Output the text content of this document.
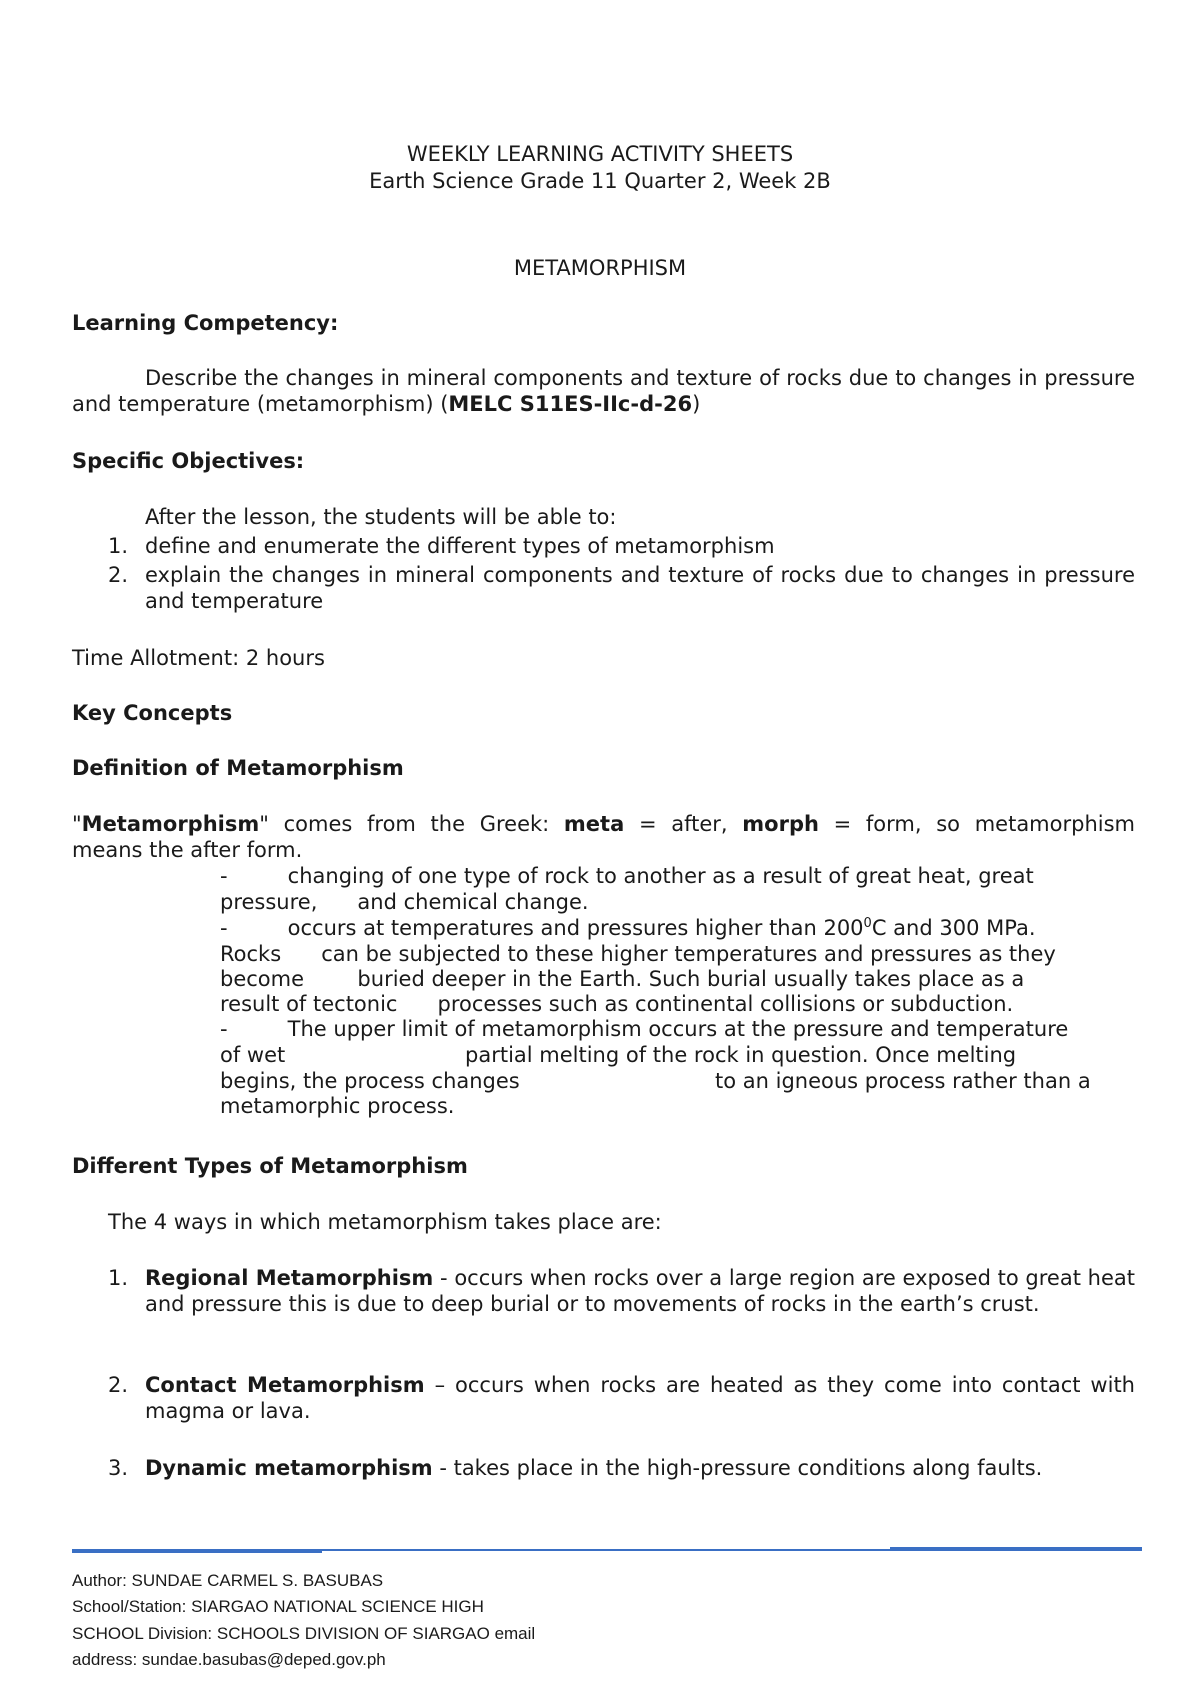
WEEKLY LEARNING ACTIVITY SHEETS
Earth Science Grade 11 Quarter 2, Week 2B
METAMORPHISM
Learning Competency:
Describe the changes in mineral components and texture of rocks due to changes in pressure and temperature (metamorphism) (MELC S11ES-IIc-d-26)
Specific Objectives:
After the lesson, the students will be able to:
1. define and enumerate the different types of metamorphism
2. explain the changes in mineral components and texture of rocks due to changes in pressure and temperature
Time Allotment: 2 hours
Key Concepts
Definition of Metamorphism
"Metamorphism" comes from the Greek: meta = after, morph = form, so metamorphism
means the after form.
-         changing of one type of rock to another as a result of great heat, great
pressure,      and chemical change.
-         occurs at temperatures and pressures higher than $200^0C$ and 300 MPa.
Rocks      can be subjected to these higher temperatures and pressures as they
become        buried deeper in the Earth. Such burial usually takes place as a
result of tectonic      processes such as continental collisions or subduction.
-         The upper limit of metamorphism occurs at the pressure and temperature
of wet	partial melting of the rock in question. Once melting
begins, the process changes	to an igneous process rather than a
metamorphic process.
Different Types of Metamorphism
The 4 ways in which metamorphism takes place are:
1. Regional Metamorphism - occurs when rocks over a large region are exposed to great heat and pressure this is due to deep burial or to movements of rocks in the earth’s crust.
2. Contact Metamorphism – occurs when rocks are heated as they come into contact with magma or lava.
3. Dynamic metamorphism - takes place in the high-pressure conditions along faults.
Author: SUNDAE CARMEL S. BASUBAS
School/Station: SIARGAO NATIONAL SCIENCE HIGH
SCHOOL Division: SCHOOLS DIVISION OF SIARGAO email
address: sundae.basubas@deped.gov.ph
